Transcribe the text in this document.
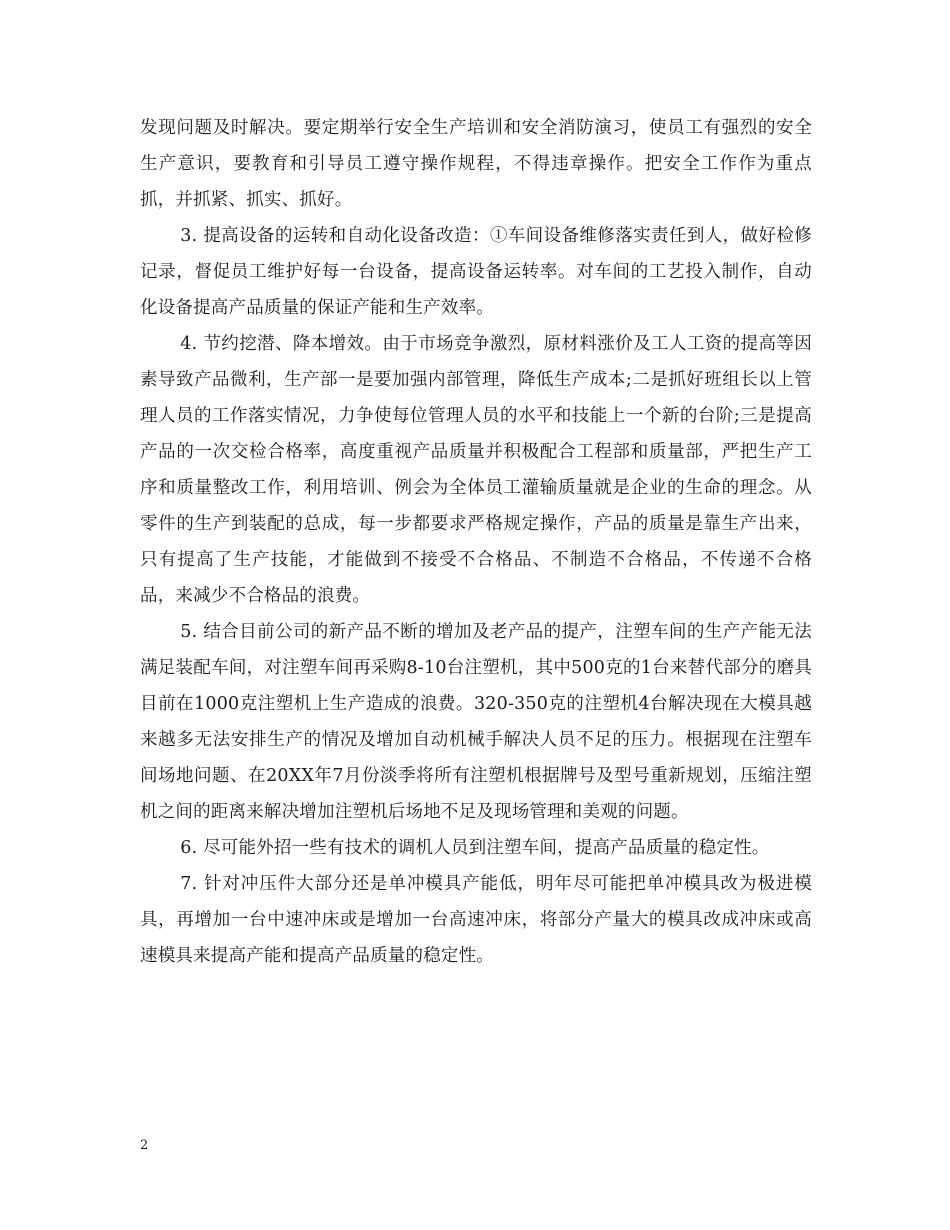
发现问题及时解决。要定期举行安全生产培训和安全消防演习，使员工有强烈的安全生产意识，要教育和引导员工遵守操作规程，不得违章操作。把安全工作作为重点抓，并抓紧、抓实、抓好。

3. 提高设备的运转和自动化设备改造：①车间设备维修落实责任到人，做好检修记录，督促员工维护好每一台设备，提高设备运转率。对车间的工艺投入制作，自动化设备提高产品质量的保证产能和生产效率。

4. 节约挖潜、降本增效。由于市场竞争激烈，原材料涨价及工人工资的提高等因素导致产品微利，生产部一是要加强内部管理，降低生产成本;二是抓好班组长以上管理人员的工作落实情况，力争使每位管理人员的水平和技能上一个新的台阶;三是提高产品的一次交检合格率，高度重视产品质量并积极配合工程部和质量部，严把生产工序和质量整改工作，利用培训、例会为全体员工灌输质量就是企业的生命的理念。从零件的生产到装配的总成，每一步都要求严格规定操作，产品的质量是靠生产出来，只有提高了生产技能，才能做到不接受不合格品、不制造不合格品，不传递不合格品，来减少不合格品的浪费。

5. 结合目前公司的新产品不断的增加及老产品的提产，注塑车间的生产产能无法满足装配车间，对注塑车间再采购8-10台注塑机，其中500克的1台来替代部分的磨具目前在1000克注塑机上生产造成的浪费。320-350克的注塑机4台解决现在大模具越来越多无法安排生产的情况及增加自动机械手解决人员不足的压力。根据现在注塑车间场地问题、在20XX年7月份淡季将所有注塑机根据牌号及型号重新规划，压缩注塑机之间的距离来解决增加注塑机后场地不足及现场管理和美观的问题。

6. 尽可能外招一些有技术的调机人员到注塑车间，提高产品质量的稳定性。

7. 针对冲压件大部分还是单冲模具产能低，明年尽可能把单冲模具改为极进模具，再增加一台中速冲床或是增加一台高速冲床，将部分产量大的模具改成冲床或高速模具来提高产能和提高产品质量的稳定性。

2
